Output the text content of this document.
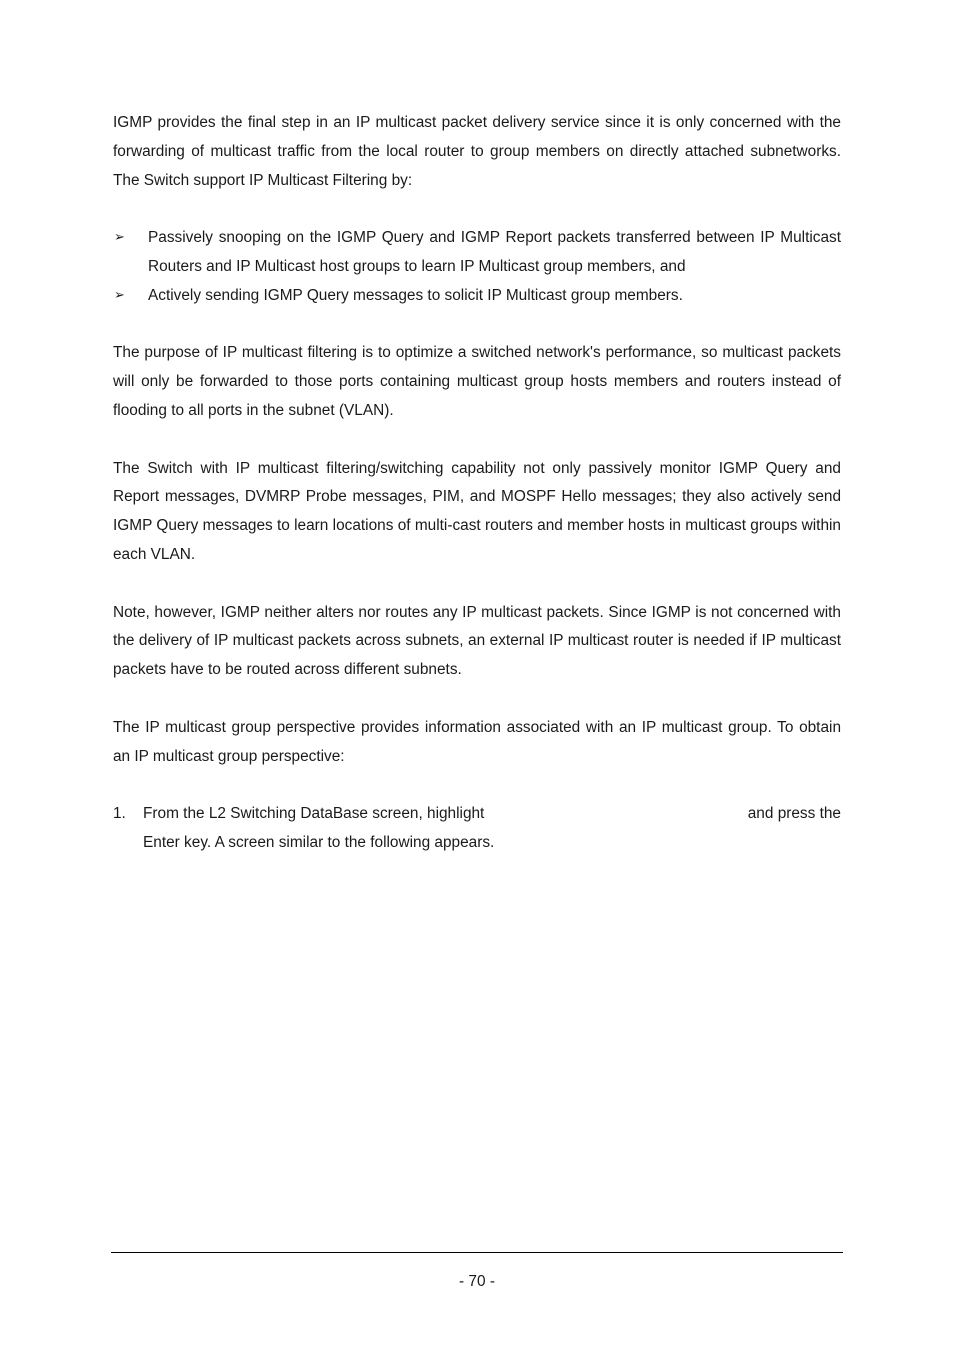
IGMP provides the final step in an IP multicast packet delivery service since it is only concerned with the forwarding of multicast traffic from the local router to group members on directly attached subnetworks. The Switch support IP Multicast Filtering by:

➢ Passively snooping on the IGMP Query and IGMP Report packets transferred between IP Multicast Routers and IP Multicast host groups to learn IP Multicast group members, and
➢ Actively sending IGMP Query messages to solicit IP Multicast group members.

The purpose of IP multicast filtering is to optimize a switched network's performance, so multicast packets will only be forwarded to those ports containing multicast group hosts members and routers instead of flooding to all ports in the subnet (VLAN).

The Switch with IP multicast filtering/switching capability not only passively monitor IGMP Query and Report messages, DVMRP Probe messages, PIM, and MOSPF Hello messages; they also actively send IGMP Query messages to learn locations of multi-cast routers and member hosts in multicast groups within each VLAN.

Note, however, IGMP neither alters nor routes any IP multicast packets. Since IGMP is not concerned with the delivery of IP multicast packets across subnets, an external IP multicast router is needed if IP multicast packets have to be routed across different subnets.

The IP multicast group perspective provides information associated with an IP multicast group. To obtain an IP multicast group perspective:

1. From the L2 Switching DataBase screen, highlight	and press the
Enter key. A screen similar to the following appears.
- 70 -
